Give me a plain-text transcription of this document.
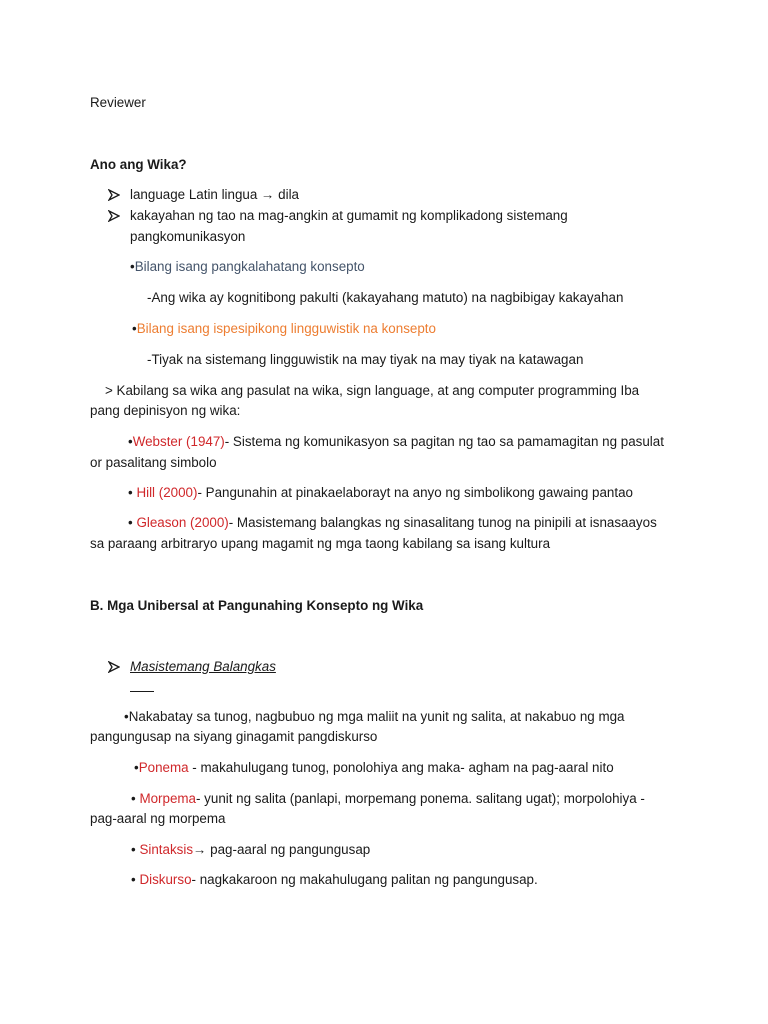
Reviewer
Ano ang Wika?
language Latin lingua → dila
kakayahan ng tao na mag-angkin at gumamit ng komplikadong sistemang
pangkomunikasyon
•Bilang isang pangkalahatang konsepto
-Ang wika ay kognitibong pakulti (kakayahang matuto) na nagbibigay kakayahan
•Bilang isang ispesipikong lingguwistik na konsepto
-Tiyak na sistemang lingguwistik na may tiyak na may tiyak na katawagan
> Kabilang sa wika ang pasulat na wika, sign language, at ang computer programming Iba
pang depinisyon ng wika:
•Webster (1947)- Sistema ng komunikasyon sa pagitan ng tao sa pamamagitan ng pasulat
or pasalitang simbolo
• Hill (2000)- Pangunahin at pinakaelaborayt na anyo ng simbolikong gawaing pantao
• Gleason (2000)- Masistemang balangkas ng sinasalitang tunog na pinipili at isnasaayos
sa paraang arbitraryo upang magamit ng mga taong kabilang sa isang kultura
B. Mga Unibersal at Pangunahing Konsepto ng Wika
Masistemang Balangkas
•Nakabatay sa tunog, nagbubuo ng mga maliit na yunit ng salita, at nakabuo ng mga
pangungusap na siyang ginagamit pangdiskurso
•Ponema - makahulugang tunog, ponolohiya ang maka- agham na pag-aaral nito
• Morpema- yunit ng salita (panlapi, morpemang ponema. salitang ugat); morpolohiya -
pag-aaral ng morpema
• Sintaksis→ pag-aaral ng pangungusap
• Diskurso- nagkakaroon ng makahulugang palitan ng pangungusap.
